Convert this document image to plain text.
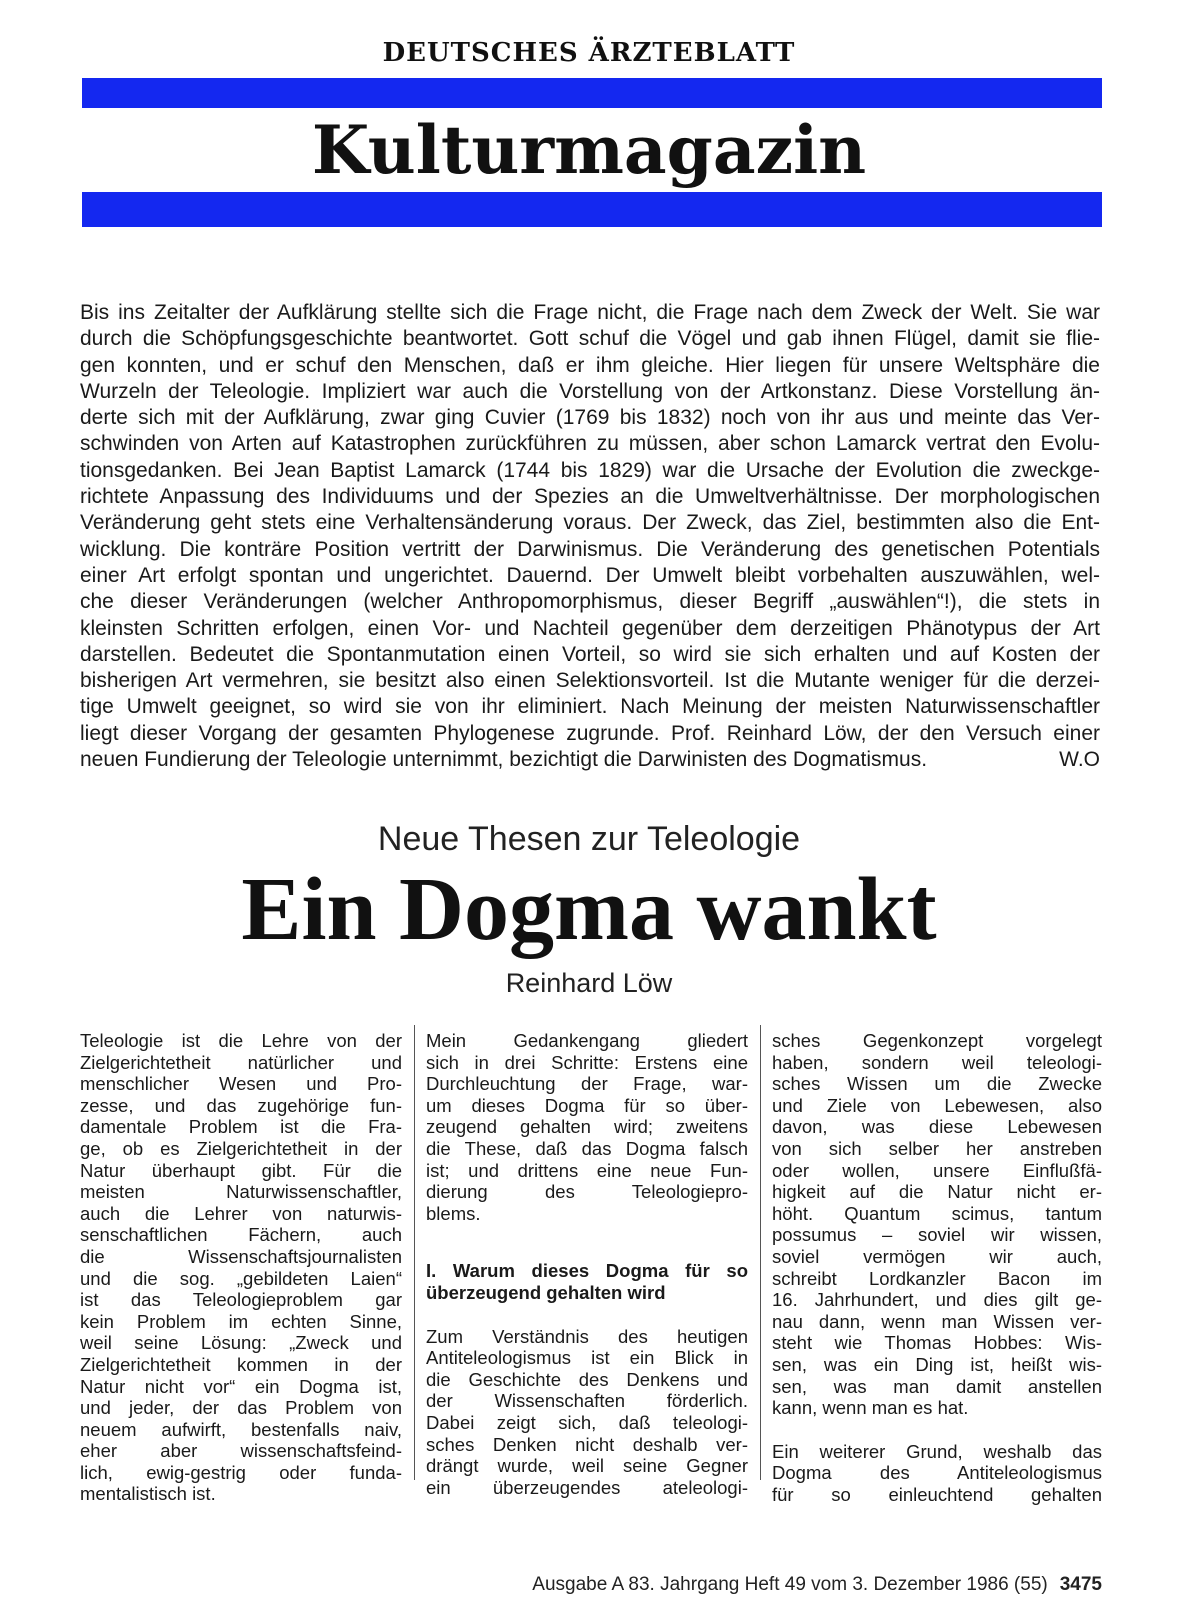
DEUTSCHES ÄRZTEBLATT
Kulturmagazin
Bis ins Zeitalter der Aufklärung stellte sich die Frage nicht, die Frage nach dem Zweck der Welt. Sie war
durch die Schöpfungsgeschichte beantwortet. Gott schuf die Vögel und gab ihnen Flügel, damit sie flie-
gen konnten, und er schuf den Menschen, daß er ihm gleiche. Hier liegen für unsere Weltsphäre die
Wurzeln der Teleologie. Impliziert war auch die Vorstellung von der Artkonstanz. Diese Vorstellung än-
derte sich mit der Aufklärung, zwar ging Cuvier (1769 bis 1832) noch von ihr aus und meinte das Ver-
schwinden von Arten auf Katastrophen zurückführen zu müssen, aber schon Lamarck vertrat den Evolu-
tionsgedanken. Bei Jean Baptist Lamarck (1744 bis 1829) war die Ursache der Evolution die zweckge-
richtete Anpassung des Individuums und der Spezies an die Umweltverhältnisse. Der morphologischen
Veränderung geht stets eine Verhaltensänderung voraus. Der Zweck, das Ziel, bestimmten also die Ent-
wicklung. Die konträre Position vertritt der Darwinismus. Die Veränderung des genetischen Potentials
einer Art erfolgt spontan und ungerichtet. Dauernd. Der Umwelt bleibt vorbehalten auszuwählen, wel-
che dieser Veränderungen (welcher Anthropomorphismus, dieser Begriff „auswählen“!), die stets in
kleinsten Schritten erfolgen, einen Vor- und Nachteil gegenüber dem derzeitigen Phänotypus der Art
darstellen. Bedeutet die Spontanmutation einen Vorteil, so wird sie sich erhalten und auf Kosten der
bisherigen Art vermehren, sie besitzt also einen Selektionsvorteil. Ist die Mutante weniger für die derzei-
tige Umwelt geeignet, so wird sie von ihr eliminiert. Nach Meinung der meisten Naturwissenschaftler
liegt dieser Vorgang der gesamten Phylogenese zugrunde. Prof. Reinhard Löw, der den Versuch einer
neuen Fundierung der Teleologie unternimmt, bezichtigt die Darwinisten des Dogmatismus.	W.O
Neue Thesen zur Teleologie
Ein Dogma wankt
Reinhard Löw
Teleologie ist die Lehre von der
Zielgerichtetheit natürlicher und
menschlicher Wesen und Pro-
zesse, und das zugehörige fun-
damentale Problem ist die Fra-
ge, ob es Zielgerichtetheit in der
Natur überhaupt gibt. Für die
meisten Naturwissenschaftler,
auch die Lehrer von naturwis-
senschaftlichen Fächern, auch
die Wissenschaftsjournalisten
und die sog. „gebildeten Laien“
ist das Teleologieproblem gar
kein Problem im echten Sinne,
weil seine Lösung: „Zweck und
Zielgerichtetheit kommen in der
Natur nicht vor“ ein Dogma ist,
und jeder, der das Problem von
neuem aufwirft, bestenfalls naiv,
eher aber wissenschaftsfeind-
lich, ewig-gestrig oder funda-
mentalistisch ist.
Mein Gedankengang gliedert
sich in drei Schritte: Erstens eine
Durchleuchtung der Frage, war-
um dieses Dogma für so über-
zeugend gehalten wird; zweitens
die These, daß das Dogma falsch
ist; und drittens eine neue Fun-
dierung des Teleologiepro-
blems.
I. Warum dieses Dogma für so
überzeugend gehalten wird
Zum Verständnis des heutigen
Antiteleologismus ist ein Blick in
die Geschichte des Denkens und
der Wissenschaften förderlich.
Dabei zeigt sich, daß teleologi-
sches Denken nicht deshalb ver-
drängt wurde, weil seine Gegner
ein überzeugendes ateleologi-
sches Gegenkonzept vorgelegt
haben, sondern weil teleologi-
sches Wissen um die Zwecke
und Ziele von Lebewesen, also
davon, was diese Lebewesen
von sich selber her anstreben
oder wollen, unsere Einflußfä-
higkeit auf die Natur nicht er-
höht. Quantum scimus, tantum
possumus – soviel wir wissen,
soviel vermögen wir auch,
schreibt Lordkanzler Bacon im
16. Jahrhundert, und dies gilt ge-
nau dann, wenn man Wissen ver-
steht wie Thomas Hobbes: Wis-
sen, was ein Ding ist, heißt wis-
sen, was man damit anstellen
kann, wenn man es hat.
Ein weiterer Grund, weshalb das
Dogma des Antiteleologismus
für so einleuchtend gehalten
Ausgabe A 83. Jahrgang Heft 49 vom 3. Dezember 1986 (55) 3475
